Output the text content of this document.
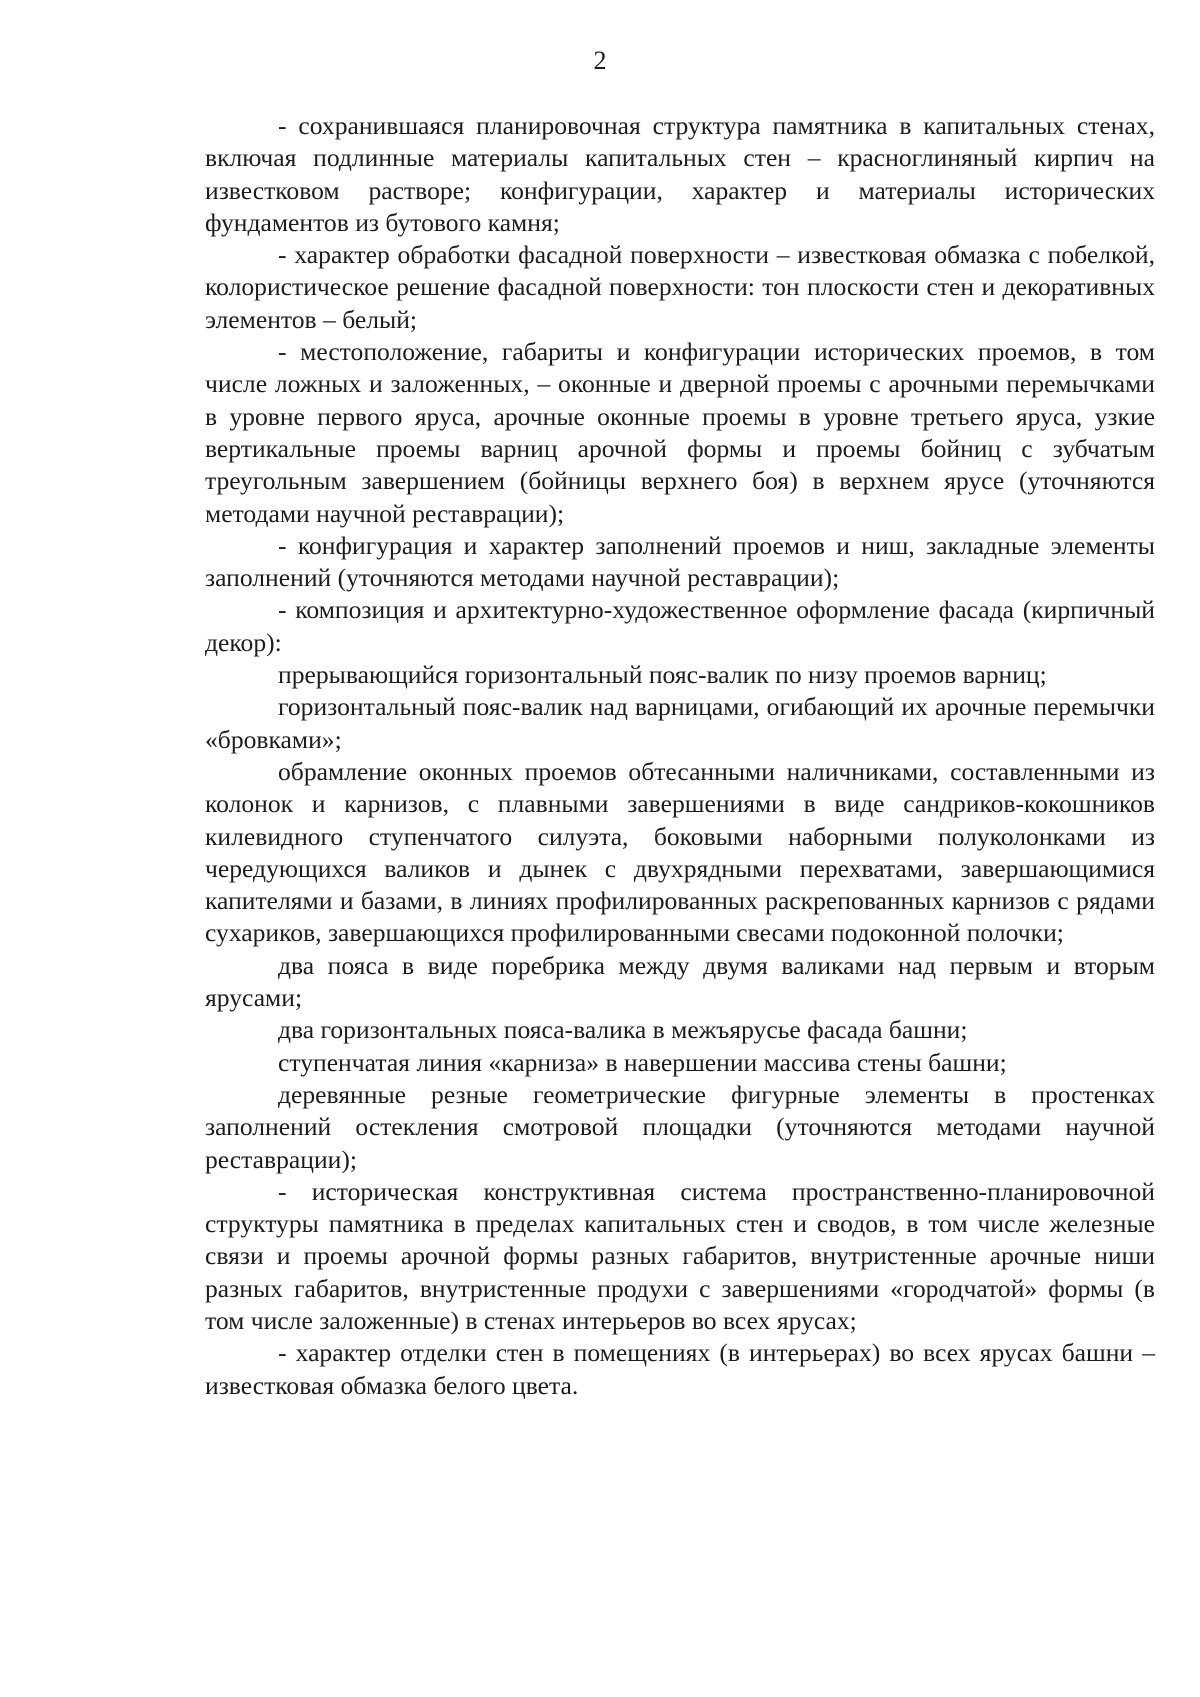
2

- сохранившаяся планировочная структура памятника в капитальных стенах, включая подлинные материалы капитальных стен – красноглиняный кирпич на известковом растворе; конфигурации, характер и материалы исторических фундаментов из бутового камня;

- характер обработки фасадной поверхности – известковая обмазка с побелкой, колористическое решение фасадной поверхности: тон плоскости стен и декоративных элементов – белый;

- местоположение, габариты и конфигурации исторических проемов, в том числе ложных и заложенных, – оконные и дверной проемы с арочными перемычками в уровне первого яруса, арочные оконные проемы в уровне третьего яруса, узкие вертикальные проемы варниц арочной формы и проемы бойниц с зубчатым треугольным завершением (бойницы верхнего боя) в верхнем ярусе (уточняются методами научной реставрации);

- конфигурация и характер заполнений проемов и ниш, закладные элементы заполнений (уточняются методами научной реставрации);

- композиция и архитектурно-художественное оформление фасада (кирпичный декор):

прерывающийся горизонтальный пояс-валик по низу проемов варниц;

горизонтальный пояс-валик над варницами, огибающий их арочные перемычки «бровками»;

обрамление оконных проемов обтесанными наличниками, составленными из колонок и карнизов, с плавными завершениями в виде сандриков-кокошников килевидного ступенчатого силуэта, боковыми наборными полуколонками из чередующихся валиков и дынек с двухрядными перехватами, завершающимися капителями и базами, в линиях профилированных раскрепованных карнизов с рядами сухариков, завершающихся профилированными свесами подоконной полочки;

два пояса в виде поребрика между двумя валиками над первым и вторым ярусами;

два горизонтальных пояса-валика в межъярусье фасада башни;

ступенчатая линия «карниза» в навершении массива стены башни;

деревянные резные геометрические фигурные элементы в простенках заполнений остекления смотровой площадки (уточняются методами научной реставрации);

- историческая конструктивная система пространственно-планировочной структуры памятника в пределах капитальных стен и сводов, в том числе железные связи и проемы арочной формы разных габаритов, внутристенные арочные ниши разных габаритов, внутристенные продухи с завершениями «городчатой» формы (в том числе заложенные) в стенах интерьеров во всех ярусах;

- характер отделки стен в помещениях (в интерьерах) во всех ярусах башни – известковая обмазка белого цвета.
